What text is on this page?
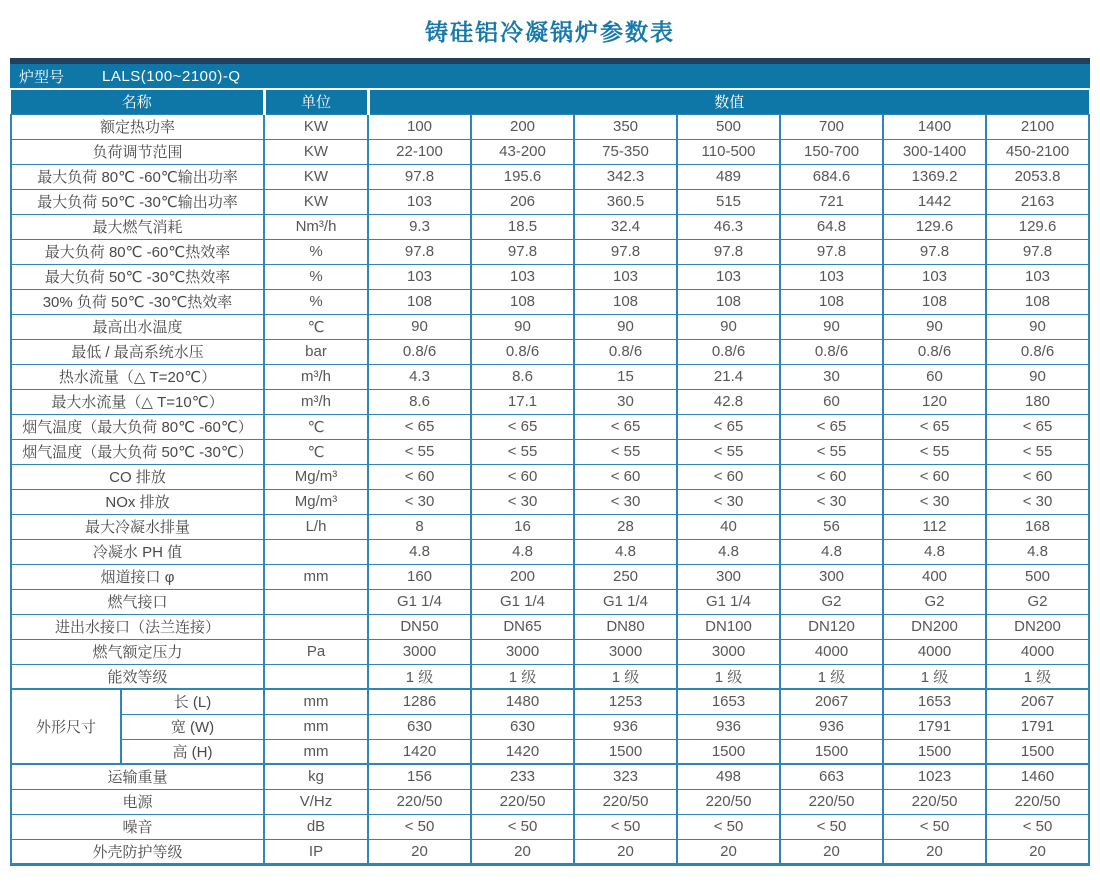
铸硅铝冷凝锅炉参数表
炉型号	LALS(100~2100)-Q
名称		单位	数值						
额定热功率		KW	100	200	350	500	700	1400	2100
负荷调节范围		KW	22-100	43-200	75-350	110-500	150-700	300-1400	450-2100
最大负荷 80℃ -60℃输出功率		KW	97.8	195.6	342.3	489	684.6	1369.2	2053.8
最大负荷 50℃ -30℃输出功率		KW	103	206	360.5	515	721	1442	2163
最大燃气消耗		Nm³/h	9.3	18.5	32.4	46.3	64.8	129.6	129.6
最大负荷 80℃ -60℃热效率		%	97.8	97.8	97.8	97.8	97.8	97.8	97.8
最大负荷 50℃ -30℃热效率		%	103	103	103	103	103	103	103
30% 负荷 50℃ -30℃热效率		%	108	108	108	108	108	108	108
最高出水温度		℃	90	90	90	90	90	90	90
最低 / 最高系统水压		bar	0.8/6	0.8/6	0.8/6	0.8/6	0.8/6	0.8/6	0.8/6
热水流量（△ T=20℃）		m³/h	4.3	8.6	15	21.4	30	60	90
最大水流量（△ T=10℃）		m³/h	8.6	17.1	30	42.8	60	120	180
烟气温度（最大负荷 80℃ -60℃）		℃	< 65	< 65	< 65	< 65	< 65	< 65	< 65
烟气温度（最大负荷 50℃ -30℃）		℃	< 55	< 55	< 55	< 55	< 55	< 55	< 55
CO 排放		Mg/m³	< 60	< 60	< 60	< 60	< 60	< 60	< 60
NOx 排放		Mg/m³	< 30	< 30	< 30	< 30	< 30	< 30	< 30
最大冷凝水排量		L/h	8	16	28	40	56	112	168
冷凝水 PH 值			4.8	4.8	4.8	4.8	4.8	4.8	4.8
烟道接口 φ		mm	160	200	250	300	300	400	500
燃气接口			G1 1/4	G1 1/4	G1 1/4	G1 1/4	G2	G2	G2
进出水接口（法兰连接）			DN50	DN65	DN80	DN100	DN120	DN200	DN200
燃气额定压力		Pa	3000	3000	3000	3000	4000	4000	4000
能效等级			1 级	1 级	1 级	1 级	1 级	1 级	1 级
外形尺寸	长 (L)	mm	1286	1480	1253	1653	2067	1653	2067
	宽 (W)	mm	630	630	936	936	936	1791	1791
	高 (H)	mm	1420	1420	1500	1500	1500	1500	1500
运输重量		kg	156	233	323	498	663	1023	1460
电源		V/Hz	220/50	220/50	220/50	220/50	220/50	220/50	220/50
噪音		dB	< 50	< 50	< 50	< 50	< 50	< 50	< 50
外壳防护等级		IP	20	20	20	20	20	20	20
